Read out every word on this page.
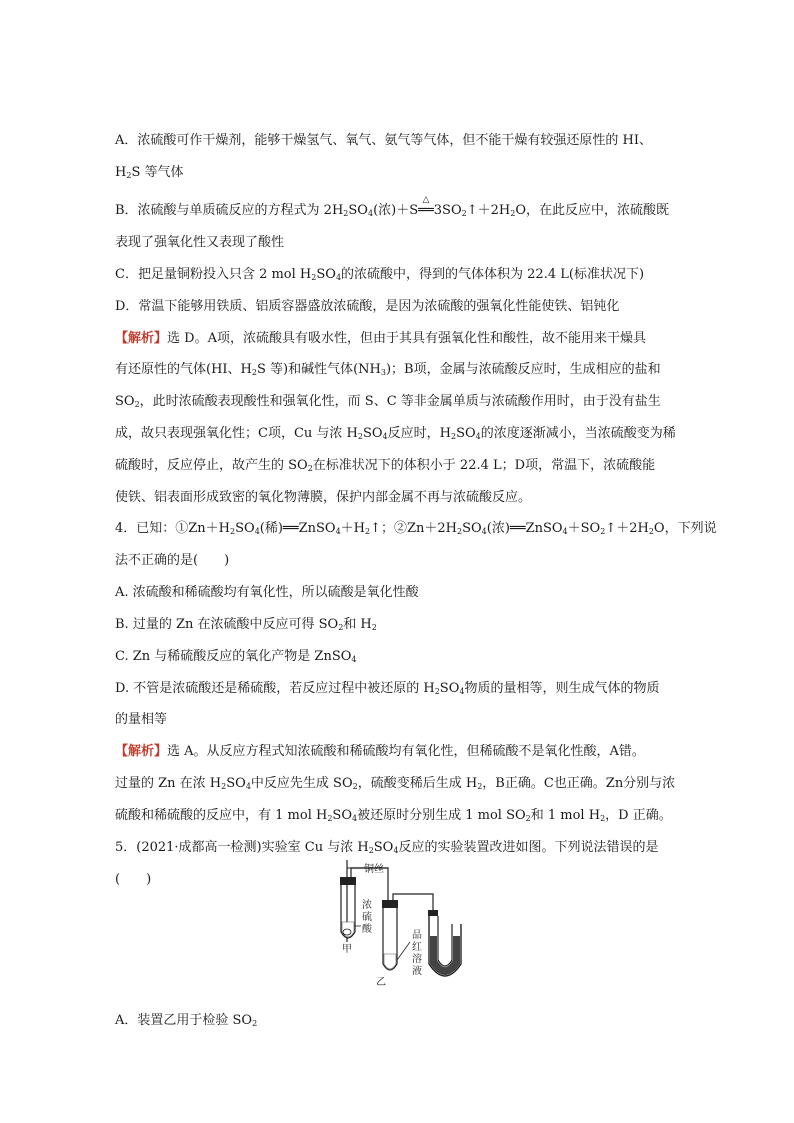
A．浓硫酸可作干燥剂，能够干燥氢气、氧气、氨气等气体，但不能干燥有较强还原性的 HI、
$H_2S$ 等气体
B．浓硫酸与单质硫反应的方程式为 $2H_2SO_4$(浓)＋S
△
$══3SO_2↑+2H_2O$，在此反应中，浓硫酸既
表现了强氧化性又表现了酸性
C．把足量铜粉投入只含 2 mol $H_2SO_4$的浓硫酸中，得到的气体体积为 22.4 L(标准状况下)
D．常温下能够用铁质、铝质容器盛放浓硫酸，是因为浓硫酸的强氧化性能使铁、铝钝化
【解析】选 D。A项，浓硫酸具有吸水性，但由于其具有强氧化性和酸性，故不能用来干燥具
有还原性的气体(HI、$H_2S$ 等)和碱性气体$(NH_3)$；B项，金属与浓硫酸反应时，生成相应的盐和
$SO_2$，此时浓硫酸表现酸性和强氧化性，而 S、C 等非金属单质与浓硫酸作用时，由于没有盐生
成，故只表现强氧化性；C项，Cu 与浓 $H_2SO_4$反应时，$H_2SO_4$的浓度逐渐减小，当浓硫酸变为稀
硫酸时，反应停止，故产生的 $SO_2$在标准状况下的体积小于 22.4 L；D项，常温下，浓硫酸能
使铁、铝表面形成致密的氧化物薄膜，保护内部金属不再与浓硫酸反应。
4．已知：$①Zn+H_2SO_4$(稀)$══ZnSO_4+H_2↑$；$②Zn+2H_2SO_4$(浓)$══ZnSO_4+SO_2↑+2H_2O$，下列说
法不正确的是(　　)
A. 浓硫酸和稀硫酸均有氧化性，所以硫酸是氧化性酸
B. 过量的 Zn 在浓硫酸中反应可得 $SO_2$和 $H_2$
C. Zn 与稀硫酸反应的氧化产物是 ZnSO$_4$
D. 不管是浓硫酸还是稀硫酸，若反应过程中被还原的 $H_2SO_4$物质的量相等，则生成气体的物质
的量相等
【解析】选 A。从反应方程式知浓硫酸和稀硫酸均有氧化性，但稀硫酸不是氧化性酸，A错。
过量的 Zn 在浓 $H_2SO_4$中反应先生成 $SO_2$，硫酸变稀后生成 $H_2$，B正确。C也正确。Zn分别与浓
硫酸和稀硫酸的反应中，有 1 mol $H_2SO_4$被还原时分别生成 1 mol $SO_2$和 1 mol $H_2$，D 正确。
5．(2021·成都高一检测)实验室 Cu 与浓 $H_2SO_4$反应的实验装置改进如图。下列说法错误的是
(　　)
铜丝
甲
浓
硫
酸
乙
品
红
溶
液
A．装置乙用于检验 $SO_2$
